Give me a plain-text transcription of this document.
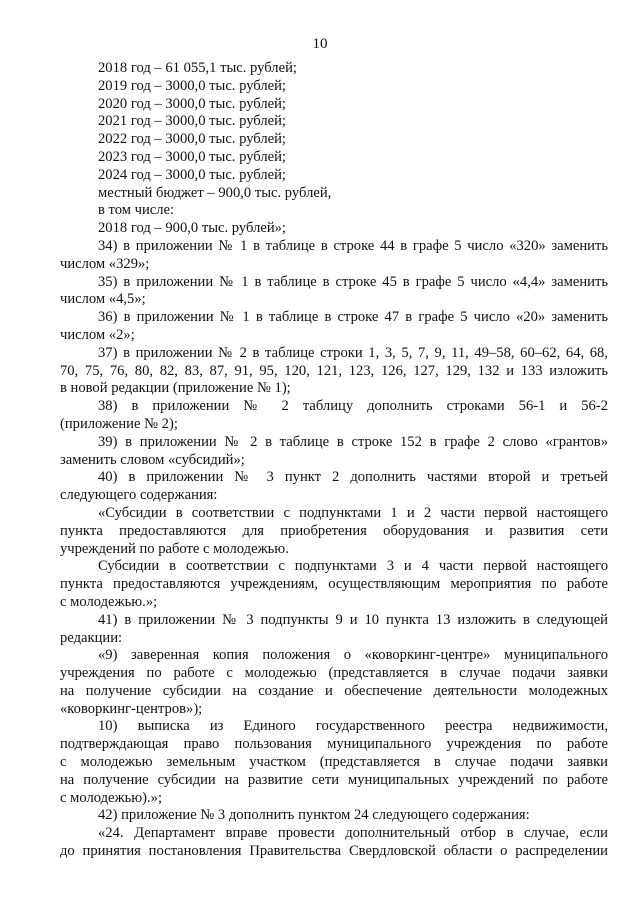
10
2018 год – 61 055,1 тыс. рублей;
2019 год – 3000,0 тыс. рублей;
2020 год – 3000,0 тыс. рублей;
2021 год – 3000,0 тыс. рублей;
2022 год – 3000,0 тыс. рублей;
2023 год – 3000,0 тыс. рублей;
2024 год – 3000,0 тыс. рублей;
местный бюджет – 900,0 тыс. рублей,
в том числе:
2018 год – 900,0 тыс. рублей»;
34) в приложении № 1 в таблице в строке 44 в графе 5 число «320» заменить
числом «329»;
35) в приложении № 1 в таблице в строке 45 в графе 5 число «4,4» заменить
числом «4,5»;
36) в приложении № 1 в таблице в строке 47 в графе 5 число «20» заменить
числом «2»;
37) в приложении № 2 в таблице строки 1, 3, 5, 7, 9, 11, 49–58, 60–62, 64, 68,
70, 75, 76, 80, 82, 83, 87, 91, 95, 120, 121, 123, 126, 127, 129, 132 и 133 изложить
в новой редакции (приложение № 1);
38) в приложении № 2 таблицу дополнить строками 56-1 и 56-2
(приложение № 2);
39) в приложении № 2 в таблице в строке 152 в графе 2 слово «грантов»
заменить словом «субсидий»;
40) в приложении № 3 пункт 2 дополнить частями второй и третьей
следующего содержания:
«Субсидии в соответствии с подпунктами 1 и 2 части первой настоящего
пункта предоставляются для приобретения оборудования и развития сети
учреждений по работе с молодежью.
Субсидии в соответствии с подпунктами 3 и 4 части первой настоящего
пункта предоставляются учреждениям, осуществляющим мероприятия по работе
с молодежью.»;
41) в приложении № 3 подпункты 9 и 10 пункта 13 изложить в следующей
редакции:
«9) заверенная копия положения о «коворкинг-центре» муниципального
учреждения по работе с молодежью (представляется в случае подачи заявки
на получение субсидии на создание и обеспечение деятельности молодежных
«коворкинг-центров»);
10) выписка из Единого государственного реестра недвижимости,
подтверждающая право пользования муниципального учреждения по работе
с молодежью земельным участком (представляется в случае подачи заявки
на получение субсидии на развитие сети муниципальных учреждений по работе
с молодежью).»;
42) приложение № 3 дополнить пунктом 24 следующего содержания:
«24. Департамент вправе провести дополнительный отбор в случае, если
до принятия постановления Правительства Свердловской области о распределении
